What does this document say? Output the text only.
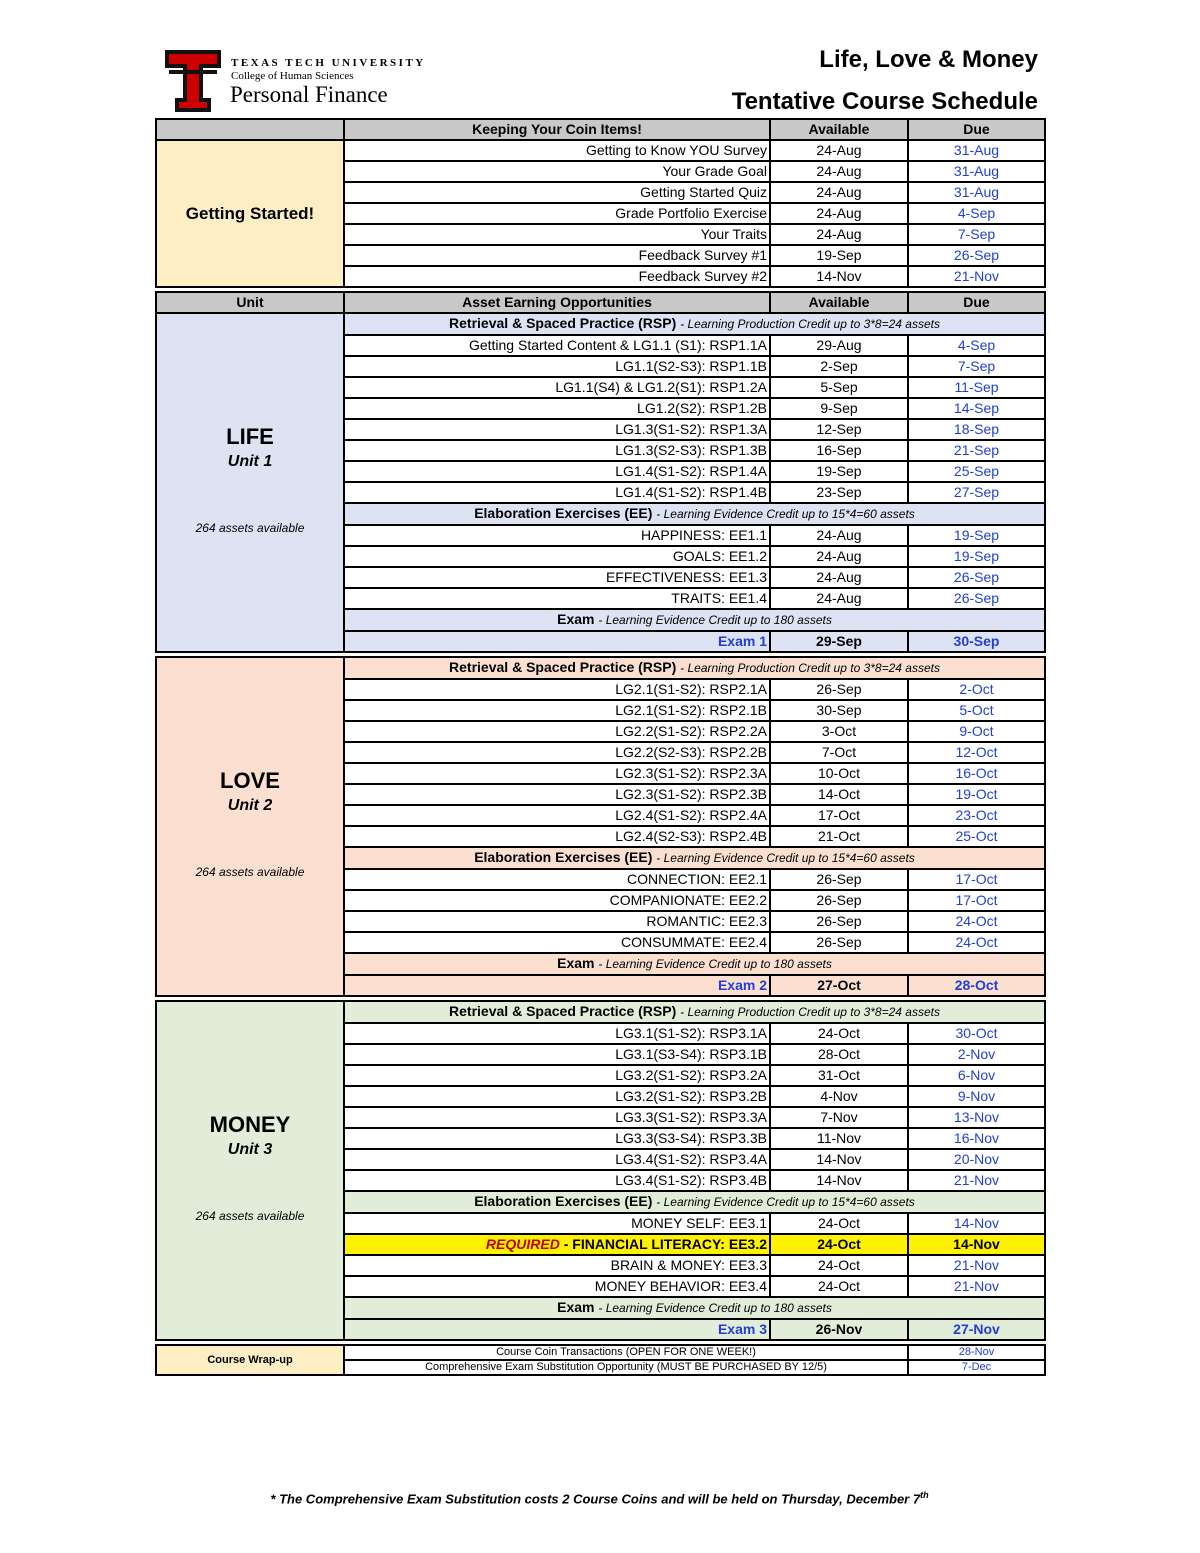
TEXAS TECH UNIVERSITY
College of Human Sciences
Personal Finance
Life, Love & Money
Tentative Course Schedule
	Keeping Your Coin Items!	Available	Due

Getting Started!	Getting to Know YOU Survey	24-Aug	31-Aug
	Your Grade Goal	24-Aug	31-Aug
	Getting Started Quiz	24-Aug	31-Aug
	Grade Portfolio Exercise	24-Aug	4-Sep
	Your Traits	24-Aug	7-Sep
	Feedback Survey #1	19-Sep	26-Sep
	Feedback Survey #2	14-Nov	21-Nov

Unit	Asset Earning Opportunities	Available	Due

LIFE
Unit 1
264 assets available	Retrieval & Spaced Practice (RSP) - Learning Production Credit up to 3*8=24 assets		
	Getting Started Content & LG1.1 (S1): RSP1.1A	29-Aug	4-Sep
	LG1.1(S2-S3): RSP1.1B	2-Sep	7-Sep
	LG1.1(S4) & LG1.2(S1): RSP1.2A	5-Sep	11-Sep
	LG1.2(S2): RSP1.2B	9-Sep	14-Sep
	LG1.3(S1-S2): RSP1.3A	12-Sep	18-Sep
	LG1.3(S2-S3): RSP1.3B	16-Sep	21-Sep
	LG1.4(S1-S2): RSP1.4A	19-Sep	25-Sep
	LG1.4(S1-S2): RSP1.4B	23-Sep	27-Sep
	Elaboration Exercises (EE) - Learning Evidence Credit up to 15*4=60 assets		
	HAPPINESS: EE1.1	24-Aug	19-Sep
	GOALS: EE1.2	24-Aug	19-Sep
	EFFECTIVENESS: EE1.3	24-Aug	26-Sep
	TRAITS: EE1.4	24-Aug	26-Sep
	Exam - Learning Evidence Credit up to 180 assets		
	Exam 1	29-Sep	30-Sep

LOVE
Unit 2
264 assets available	Retrieval & Spaced Practice (RSP) - Learning Production Credit up to 3*8=24 assets		
	LG2.1(S1-S2): RSP2.1A	26-Sep	2-Oct
	LG2.1(S1-S2): RSP2.1B	30-Sep	5-Oct
	LG2.2(S1-S2): RSP2.2A	3-Oct	9-Oct
	LG2.2(S2-S3): RSP2.2B	7-Oct	12-Oct
	LG2.3(S1-S2): RSP2.3A	10-Oct	16-Oct
	LG2.3(S1-S2): RSP2.3B	14-Oct	19-Oct
	LG2.4(S1-S2): RSP2.4A	17-Oct	23-Oct
	LG2.4(S2-S3): RSP2.4B	21-Oct	25-Oct
	Elaboration Exercises (EE) - Learning Evidence Credit up to 15*4=60 assets		
	CONNECTION: EE2.1	26-Sep	17-Oct
	COMPANIONATE: EE2.2	26-Sep	17-Oct
	ROMANTIC: EE2.3	26-Sep	24-Oct
	CONSUMMATE: EE2.4	26-Sep	24-Oct
	Exam - Learning Evidence Credit up to 180 assets		
	Exam 2	27-Oct	28-Oct

MONEY
Unit 3
264 assets available	Retrieval & Spaced Practice (RSP) - Learning Production Credit up to 3*8=24 assets		
	LG3.1(S1-S2): RSP3.1A	24-Oct	30-Oct
	LG3.1(S3-S4): RSP3.1B	28-Oct	2-Nov
	LG3.2(S1-S2): RSP3.2A	31-Oct	6-Nov
	LG3.2(S1-S2): RSP3.2B	4-Nov	9-Nov
	LG3.3(S1-S2): RSP3.3A	7-Nov	13-Nov
	LG3.3(S3-S4): RSP3.3B	11-Nov	16-Nov
	LG3.4(S1-S2): RSP3.4A	14-Nov	20-Nov
	LG3.4(S1-S2): RSP3.4B	14-Nov	21-Nov
	Elaboration Exercises (EE) - Learning Evidence Credit up to 15*4=60 assets		
	MONEY SELF: EE3.1	24-Oct	14-Nov
	REQUIRED - FINANCIAL LITERACY: EE3.2	24-Oct	14-Nov
	BRAIN & MONEY: EE3.3	24-Oct	21-Nov
	MONEY BEHAVIOR: EE3.4	24-Oct	21-Nov
	Exam - Learning Evidence Credit up to 180 assets		
	Exam 3	26-Nov	27-Nov

Course Wrap-up	Course Coin Transactions (OPEN FOR ONE WEEK!)		28-Nov
	Comprehensive Exam Substitution Opportunity (MUST BE PURCHASED BY 12/5)		7-Dec
* The Comprehensive Exam Substitution costs 2 Course Coins and will be held on Thursday, December 7th
